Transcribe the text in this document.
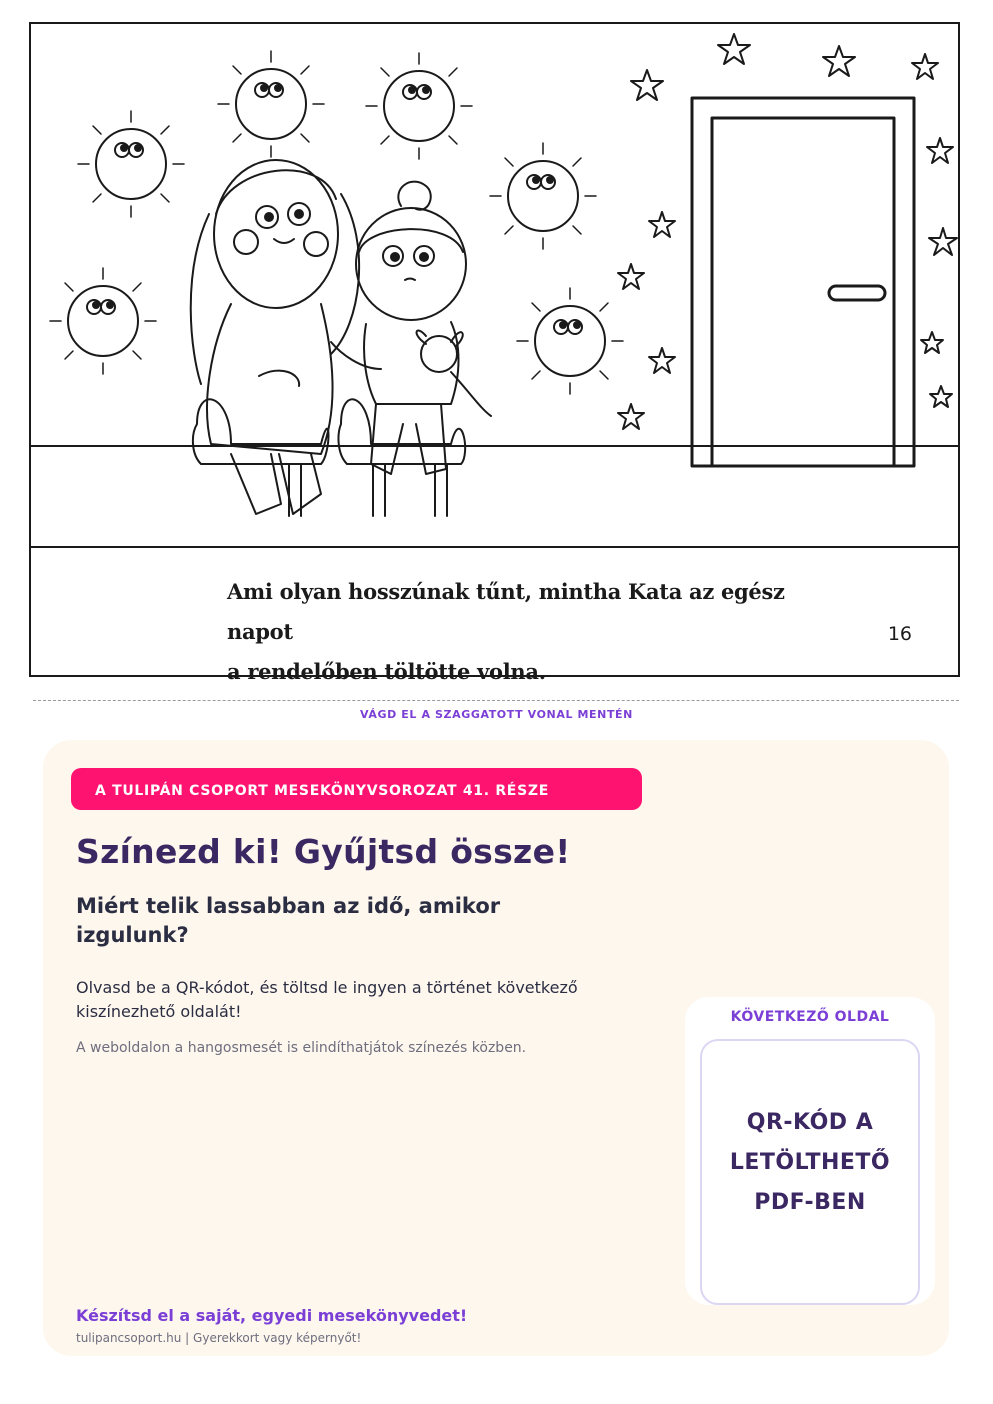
Ami olyan hosszúnak tűnt, mintha Kata az egész napot
a rendelőben töltötte volna.
16
VÁGD EL A SZAGGATOTT VONAL MENTÉN
A TULIPÁN CSOPORT MESEKÖNYVSOROZAT 41. RÉSZE
Színezd ki! Gyűjtsd össze!
Miért telik lassabban az idő, amikor izgulunk?

Olvasd be a QR-kódot, és töltsd le ingyen a történet következő kiszínezhető oldalát!

A weboldalon a hangosmesét is elindíthatjátok színezés közben.

KÖVETKEZŐ OLDAL
QR-KÓD A
LETÖLTHETŐ
PDF-BEN

Készítsd el a saját, egyedi mesekönyvedet!

tulipancsoport.hu | Gyerekkort vagy képernyőt!
